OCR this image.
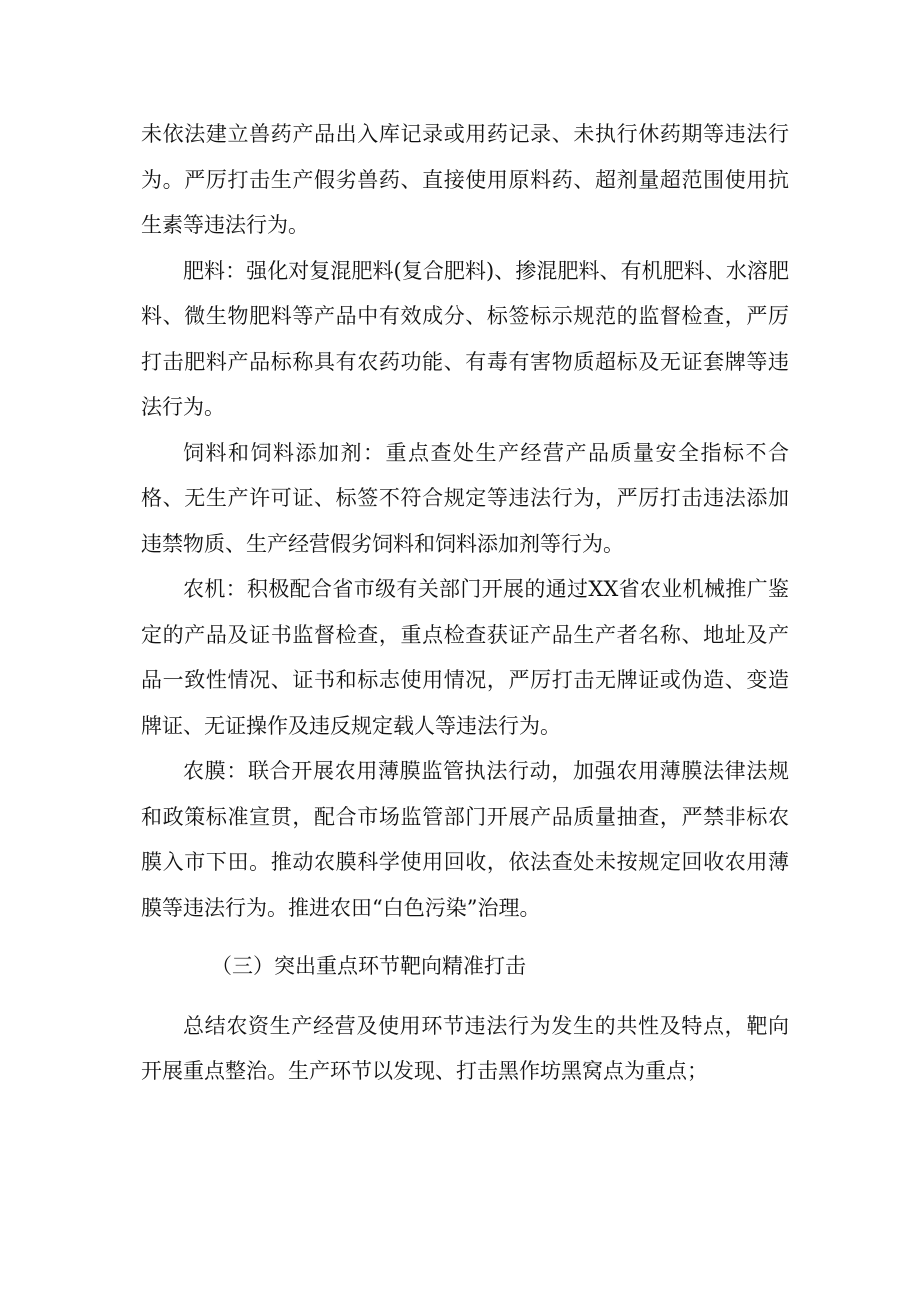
未依法建立兽药产品出入库记录或用药记录、未执行休药期等违法行为。严厉打击生产假劣兽药、直接使用原料药、超剂量超范围使用抗生素等违法行为。

肥料：强化对复混肥料(复合肥料)、掺混肥料、有机肥料、水溶肥料、微生物肥料等产品中有效成分、标签标示规范的监督检查，严厉打击肥料产品标称具有农药功能、有毒有害物质超标及无证套牌等违法行为。

饲料和饲料添加剂：重点查处生产经营产品质量安全指标不合格、无生产许可证、标签不符合规定等违法行为，严厉打击违法添加违禁物质、生产经营假劣饲料和饲料添加剂等行为。

农机：积极配合省市级有关部门开展的通过XX省农业机械推广鉴定的产品及证书监督检查，重点检查获证产品生产者名称、地址及产品一致性情况、证书和标志使用情况，严厉打击无牌证或伪造、变造牌证、无证操作及违反规定载人等违法行为。

农膜：联合开展农用薄膜监管执法行动，加强农用薄膜法律法规和政策标准宣贯，配合市场监管部门开展产品质量抽查，严禁非标农膜入市下田。推动农膜科学使用回收，依法查处未按规定回收农用薄膜等违法行为。推进农田“白色污染”治理。

（三）突出重点环节靶向精准打击

总结农资生产经营及使用环节违法行为发生的共性及特点，靶向开展重点整治。生产环节以发现、打击黑作坊黑窝点为重点；
